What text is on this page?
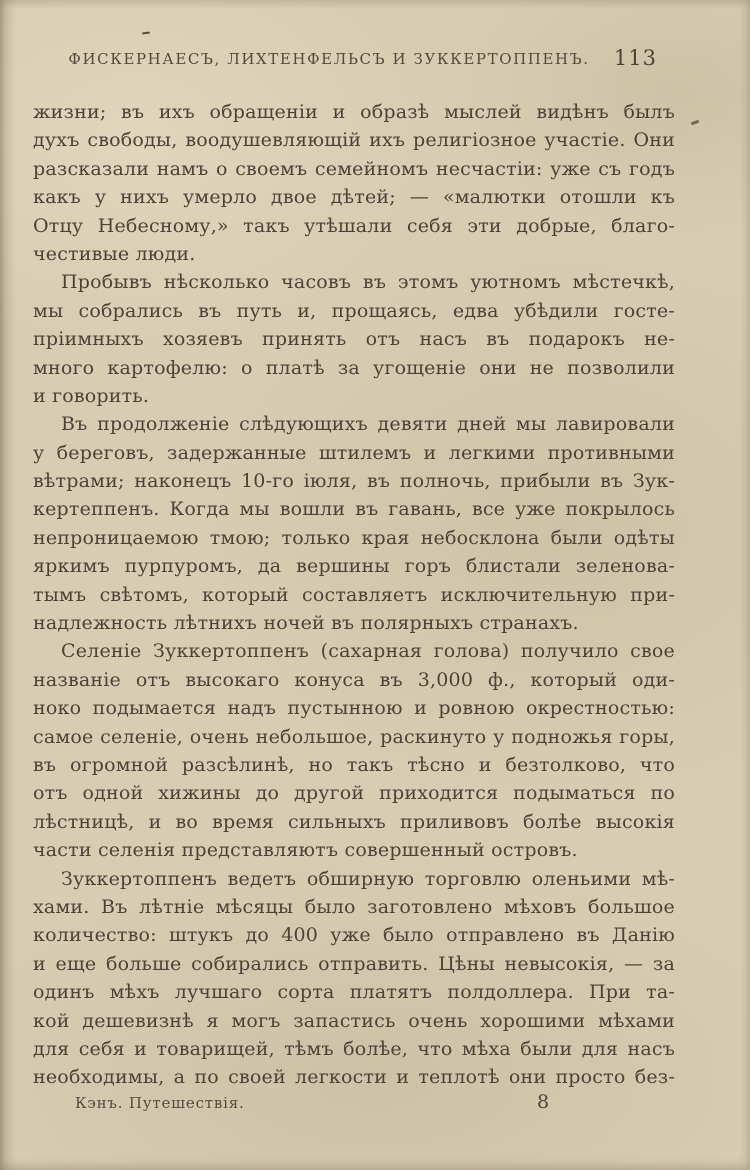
ФИСКЕРНАЕСЪ, ЛИХТЕНФЕЛЬСЪ И ЗУККЕРТОППЕНЪ.	113
жизни; въ ихъ обращеніи и образѣ мыслей видѣнъ былъ
духъ свободы, воодушевляющій ихъ религіозное участіе. Они
разсказали намъ о своемъ семейномъ несчастіи: уже съ годъ
какъ у нихъ умерло двое дѣтей; — «малютки отошли къ
Отцу Небесному,» такъ утѣшали себя эти добрые, благо-
честивые люди.
Пробывъ нѣсколько часовъ въ этомъ уютномъ мѣстечкѣ,
мы собрались въ путь и, прощаясь, едва убѣдили госте-
пріимныхъ хозяевъ принять отъ насъ въ подарокъ не-
много картофелю: о платѣ за угощеніе они не позволили
и говорить.
Въ продолженіе слѣдующихъ девяти дней мы лавировали
у береговъ, задержанные штилемъ и легкими противными
вѣтрами; наконецъ 10-го іюля, въ полночь, прибыли въ Зук-
кертеппенъ. Когда мы вошли въ гавань, все уже покрылось
непроницаемою тмою; только края небосклона были одѣты
яркимъ пурпуромъ, да вершины горъ блистали зеленова-
тымъ свѣтомъ, который составляетъ исключительную при-
надлежность лѣтнихъ ночей въ полярныхъ странахъ.
Селеніе Зуккертоппенъ (сахарная голова) получило свое
названіе отъ высокаго конуса въ 3,000 ф., который оди-
ноко подымается надъ пустынною и ровною окрестностью:
самое селеніе, очень небольшое, раскинуто у подножья горы,
въ огромной разсѣлинѣ, но такъ тѣсно и безтолково, что
отъ одной хижины до другой приходится подыматься по
лѣстницѣ, и во время сильныхъ приливовъ болѣе высокія
части селенія представляютъ совершенный островъ.
Зуккертоппенъ ведетъ обширную торговлю оленьими мѣ-
хами. Въ лѣтніе мѣсяцы было заготовлено мѣховъ большое
количество: штукъ до 400 уже было отправлено въ Данію
и еще больше собирались отправить. Цѣны невысокія, — за
одинъ мѣхъ лучшаго сорта платятъ полдоллера. При та-
кой дешевизнѣ я могъ запастись очень хорошими мѣхами
для себя и товарищей, тѣмъ болѣе, что мѣха были для насъ
необходимы, а по своей легкости и теплотѣ они просто без-
Кэнъ. Путешествія.	8
